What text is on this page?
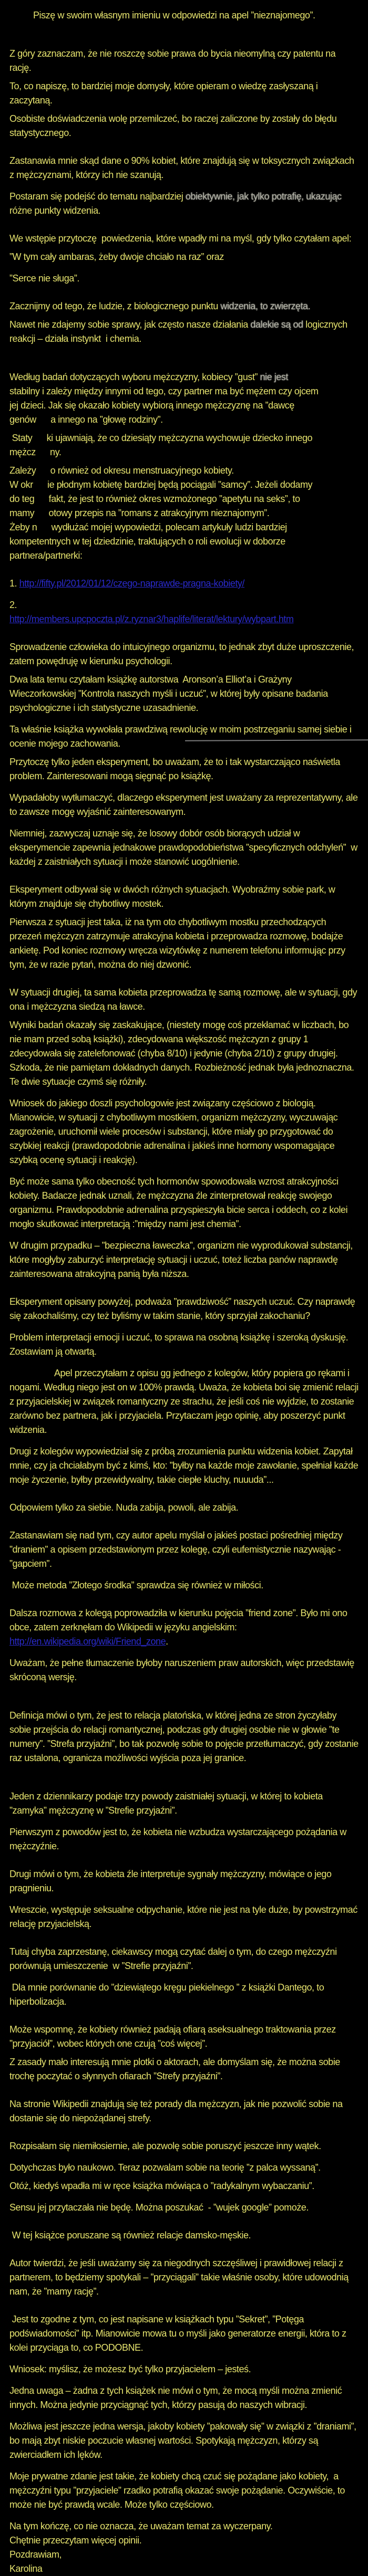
Piszę w swoim własnym imieniu w odpowiedzi na apel ”nieznajomego”.
Z góry zaznaczam, że nie roszczę sobie prawa do bycia nieomylną czy patentu na rację.
To, co napiszę, to bardziej moje domysły, które opieram o wiedzę zasłyszaną i zaczytaną.
Osobiste doświadczenia wolę przemilczeć, bo raczej zaliczone by zostały do błędu statystycznego.
Zastanawia mnie skąd dane o 90% kobiet, które znajdują się w toksycznych związkach z mężczyznami, którzy ich nie szanują.
Postaram się podejść do tematu najbardziej obiektywnie, jak tylko potrafię, ukazując różne punkty widzenia.
We wstępie przytoczę  powiedzenia, które wpadły mi na myśl, gdy tylko czytałam apel:
”W tym cały ambaras, żeby dwoje chciało na raz” oraz
”Serce nie sługa”.
Zacznijmy od tego, że ludzie, z biologicznego punktu widzenia, to zwierzęta.
Nawet nie zdajemy sobie sprawy, jak często nasze działania dalekie są od logicznych reakcji – działa instynkt  i chemia.
Według badań dotyczących wyboru mężczyzny, kobiecy ”gust” nie jest
stabilny i zależy między innymi od tego, czy partner ma być mężem czy ojcem
jej dzieci. Jak się okazało kobiety wybiorą innego mężczyznę na ”dawcę
genów      a innego na ”głowę rodziny”.
Staty      ki ujawniają, że co dziesiąty mężczyzna wychowuje dziecko innego
mężcz      ny.
Zależy      o również od okresu menstruacyjnego kobiety.
W okr      ie płodnym kobietę bardziej będą pociągali ”samcy”. Jeżeli dodamy
do teg      fakt, że jest to również okres wzmożonego ”apetytu na seks”, to
mamy      otowy przepis na ”romans z atrakcyjnym nieznajomym”.
Żeby n      wydłużać mojej wypowiedzi, polecam artykuły ludzi bardziej
kompetentnych w tej dziedzinie, traktujących o roli ewolucji w doborze
partnera/partnerki:
1. http://fifty.pl/2012/01/12/czego-naprawde-pragna-kobiety/
2.
http://members.upcpoczta.pl/z.ryznar3/haplife/literat/lektury/wybpart.htm
Sprowadzenie człowieka do intuicyjnego organizmu, to jednak zbyt duże uproszczenie, zatem powędruję w kierunku psychologii.
Dwa lata temu czytałam książkę autorstwa  Aronson’a Elliot’a i Grażyny Wieczorkowskiej ”Kontrola naszych myśli i uczuć”, w której były opisane badania psychologiczne i ich statystyczne uzasadnienie.
Ta właśnie książka wywołała prawdziwą rewolucję w moim postrzeganiu samej siebie i ocenie mojego zachowania.
Przytoczę tylko jeden eksperyment, bo uważam, że to i tak wystarczająco naświetla problem. Zainteresowani mogą sięgnąć po książkę.
Wypadałoby wytłumaczyć, dlaczego eksperyment jest uważany za reprezentatywny, ale to zawsze mogę wyjaśnić zainteresowanym.
Niemniej, zazwyczaj uznaje się, że losowy dobór osób biorących udział w eksperymencie zapewnia jednakowe prawdopodobieństwa ”specyficznych odchyleń”  w każdej z zaistniałych sytuacji i może stanowić uogólnienie.
Eksperyment odbywał się w dwóch różnych sytuacjach. Wyobraźmy sobie park, w którym znajduje się chybotliwy mostek.
Pierwsza z sytuacji jest taka, iż na tym oto chybotliwym mostku przechodzących przezeń mężczyzn zatrzymuje atrakcyjna kobieta i przeprowadza rozmowę, bodajże ankietę. Pod koniec rozmowy wręcza wizytówkę z numerem telefonu informując przy tym, że w razie pytań, można do niej dzwonić.
W sytuacji drugiej, ta sama kobieta przeprowadza tę samą rozmowę, ale w sytuacji, gdy ona i mężczyzna siedzą na ławce.
Wyniki badań okazały się zaskakujące, (niestety mogę coś przekłamać w liczbach, bo nie mam przed sobą książki), zdecydowana większość mężczyzn z grupy 1 zdecydowała się zatelefonować (chyba 8/10) i jedynie (chyba 2/10) z grupy drugiej. Szkoda, że nie pamiętam dokładnych danych. Rozbieżność jednak była jednoznaczna. Te dwie sytuacje czymś się różniły.
Wniosek do jakiego doszli psychologowie jest związany częściowo z biologią. Mianowicie, w sytuacji z chybotliwym mostkiem, organizm mężczyzny, wyczuwając zagrożenie, uruchomił wiele procesów i substancji, które miały go przygotować do szybkiej reakcji (prawdopodobnie adrenalina i jakieś inne hormony wspomagające szybką ocenę sytuacji i reakcję).
Być może sama tylko obecność tych hormonów spowodowała wzrost atrakcyjności kobiety. Badacze jednak uznali, że mężczyzna źle zinterpretował reakcję swojego organizmu. Prawdopodobnie adrenalina przyspieszyła bicie serca i oddech, co z kolei mogło skutkować interpretacją :”między nami jest chemia”.
W drugim przypadku – ”bezpieczna ławeczka”, organizm nie wyprodukował substancji, które mogłyby zaburzyć interpretację sytuacji i uczuć, toteż liczba panów naprawdę zainteresowana atrakcyjną panią była niższa.
Eksperyment opisany powyżej, podważa ”prawdziwość” naszych uczuć. Czy naprawdę się zakochaliśmy, czy też byliśmy w takim stanie, który sprzyjał zakochaniu?
Problem interpretacji emocji i uczuć, to sprawa na osobną książkę i szeroką dyskusję. Zostawiam ją otwartą.
Apel przeczytałam z opisu gg jednego z kolegów, który popiera go rękami i nogami. Według niego jest on w 100% prawdą. Uważa, że kobieta boi się zmienić relacji z przyjacielskiej w związek romantyczny ze strachu, że jeśli coś nie wyjdzie, to zostanie zarówno bez partnera, jak i przyjaciela. Przytaczam jego opinię, aby poszerzyć punkt widzenia.
Drugi z kolegów wypowiedział się z próbą zrozumienia punktu widzenia kobiet. Zapytał mnie, czy ja chciałabym być z kimś, kto: ”byłby na każde moje zawołanie, spełniał każde moje życzenie, byłby przewidywalny, takie ciepłe kluchy, nuuuda”...
Odpowiem tylko za siebie. Nuda zabija, powoli, ale zabija.
Zastanawiam się nad tym, czy autor apelu myślał o jakieś postaci pośredniej między ”draniem” a opisem przedstawionym przez kolegę, czyli eufemistycznie nazywając -  ”gapciem”.
Może metoda ”Złotego środka” sprawdza się również w miłości.
Dalsza rozmowa z kolegą poprowadziła w kierunku pojęcia ”friend zone”. Było mi ono obce, zatem zerknęłam do Wikipedii w języku angielskim: http://en.wikipedia.org/wiki/Friend_zone.
Uważam, że pełne tłumaczenie byłoby naruszeniem praw autorskich, więc przedstawię skróconą wersję.
Definicja mówi o tym, że jest to relacja platońska, w której jedna ze stron życzyłaby sobie przejścia do relacji romantycznej, podczas gdy drugiej osobie nie w głowie ”te numery”. ”Strefa przyjaźni”, bo tak pozwolę sobie to pojęcie przetłumaczyć, gdy zostanie raz ustalona, ogranicza możliwości wyjścia poza jej granice.
Jeden z dziennikarzy podaje trzy powody zaistniałej sytuacji, w której to kobieta ”zamyka” mężczyznę w ”Strefie przyjaźni”.
Pierwszym z powodów jest to, że kobieta nie wzbudza wystarczającego pożądania w mężczyźnie.
Drugi mówi o tym, że kobieta źle interpretuje sygnały mężczyzny, mówiące o jego pragnieniu.
Wreszcie, występuje seksualne odpychanie, które nie jest na tyle duże, by powstrzymać relację przyjacielską.
Tutaj chyba zaprzestanę, ciekawscy mogą czytać dalej o tym, do czego mężczyźni porównują umieszczenie  w ”Strefie przyjaźni”.
Dla mnie porównanie do ”dziewiątego kręgu piekielnego ” z książki Dantego, to hiperbolizacja.
Może wspomnę, że kobiety również padają ofiarą aseksualnego traktowania przez ”przyjaciół”, wobec których one czują ”coś więcej”.
Z zasady mało interesują mnie plotki o aktorach, ale domyślam się, że można sobie trochę poczytać o słynnych ofiarach ”Strefy przyjaźni”.
Na stronie Wikipedii znajdują się też porady dla mężczyzn, jak nie pozwolić sobie na dostanie się do niepożądanej strefy.
Rozpisałam się niemiłosiernie, ale pozwolę sobie poruszyć jeszcze inny wątek.
Dotychczas było naukowo. Teraz pozwalam sobie na teorię ”z palca wyssaną”.
Otóż, kiedyś wpadła mi w ręce książka mówiąca o ”radykalnym wybaczaniu”.
Sensu jej przytaczała nie będę. Można poszukać  - ”wujek google” pomoże.
W tej książce poruszane są również relacje damsko-męskie.
Autor twierdzi, że jeśli uważamy się za niegodnych szczęśliwej i prawidłowej relacji z partnerem, to będziemy spotykali – ”przyciągali” takie właśnie osoby, które udowodnią nam, że ”mamy rację”.
Jest to zgodne z tym, co jest napisane w książkach typu ”Sekret”, ”Potęga podświadomości” itp. Mianowicie mowa tu o myśli jako generatorze energii, która to z kolei przyciąga to, co PODOBNE.
Wniosek: myślisz, że możesz być tylko przyjacielem – jesteś.
Jedna uwaga – żadna z tych książek nie mówi o tym, że mocą myśli można zmienić innych. Można jedynie przyciągnąć tych, którzy pasują do naszych wibracji.
Możliwa jest jeszcze jedna wersja, jakoby kobiety ”pakowały się” w związki z ”draniami”, bo mają zbyt niskie poczucie własnej wartości. Spotykają mężczyzn, którzy są zwierciadłem ich lęków.
Moje prywatne zdanie jest takie, że kobiety chcą czuć się pożądane jako kobiety,  a mężczyźni typu ”przyjaciele” rzadko potrafią okazać swoje pożądanie. Oczywiście, to może nie być prawdą wcale. Może tylko częściowo.
Na tym kończę, co nie oznacza, że uważam temat za wyczerpany.
Chętnie przeczytam więcej opinii.
Pozdrawiam,
Karolina
